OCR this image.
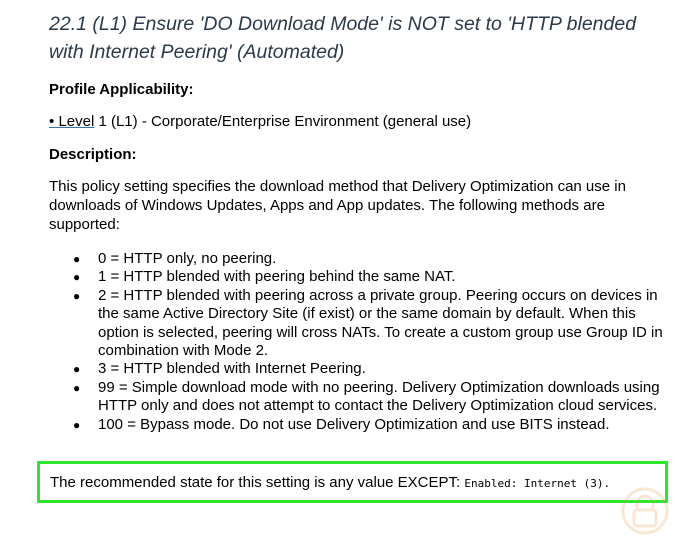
22.1 (L1) Ensure 'DO Download Mode' is NOT set to 'HTTP blended with Internet Peering' (Automated)
Profile Applicability:
• Level 1 (L1) - Corporate/Enterprise Environment (general use)
Description:
This policy setting specifies the download method that Delivery Optimization can use in downloads of Windows Updates, Apps and App updates. The following methods are supported:
● 0 = HTTP only, no peering.
● 1 = HTTP blended with peering behind the same NAT.
● 2 = HTTP blended with peering across a private group. Peering occurs on devices in the same Active Directory Site (if exist) or the same domain by default. When this option is selected, peering will cross NATs. To create a custom group use Group ID in combination with Mode 2.
● 3 = HTTP blended with Internet Peering.
● 99 = Simple download mode with no peering. Delivery Optimization downloads using HTTP only and does not attempt to contact the Delivery Optimization cloud services.
● 100 = Bypass mode. Do not use Delivery Optimization and use BITS instead.
The recommended state for this setting is any value EXCEPT: Enabled: Internet (3).
